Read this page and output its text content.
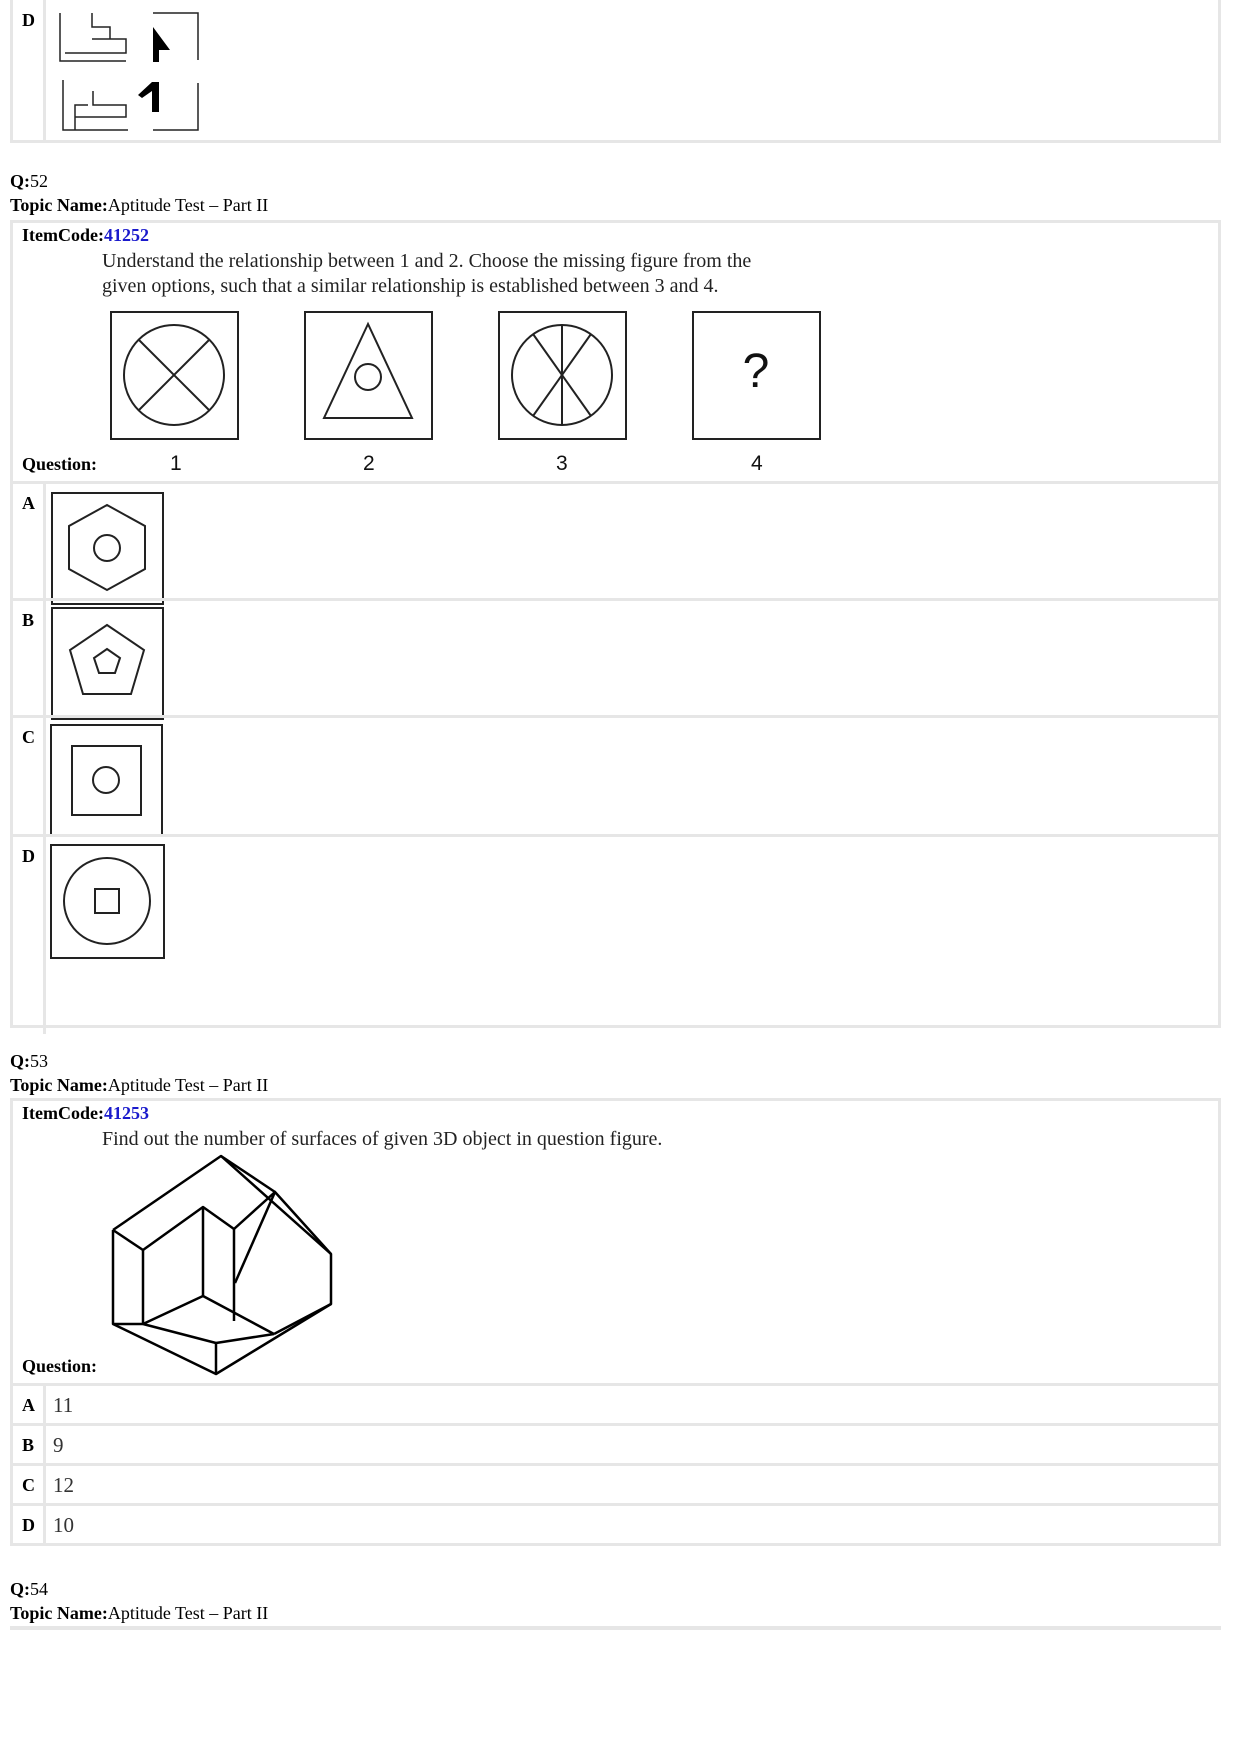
D
Q:52
Topic Name:Aptitude Test – Part II
ItemCode:41252
Understand the relationship between 1 and 2. Choose the missing figure from the
given options, such that a similar relationship is established between 3 and 4.
1	2	3
?
4
Question:
A
B
C
D
Q:53
Topic Name:Aptitude Test – Part II
ItemCode:41253
Find out the number of surfaces of given 3D object in question figure.
Question:
A 11
B 9
C 12
D 10
Q:54
Topic Name:Aptitude Test – Part II
